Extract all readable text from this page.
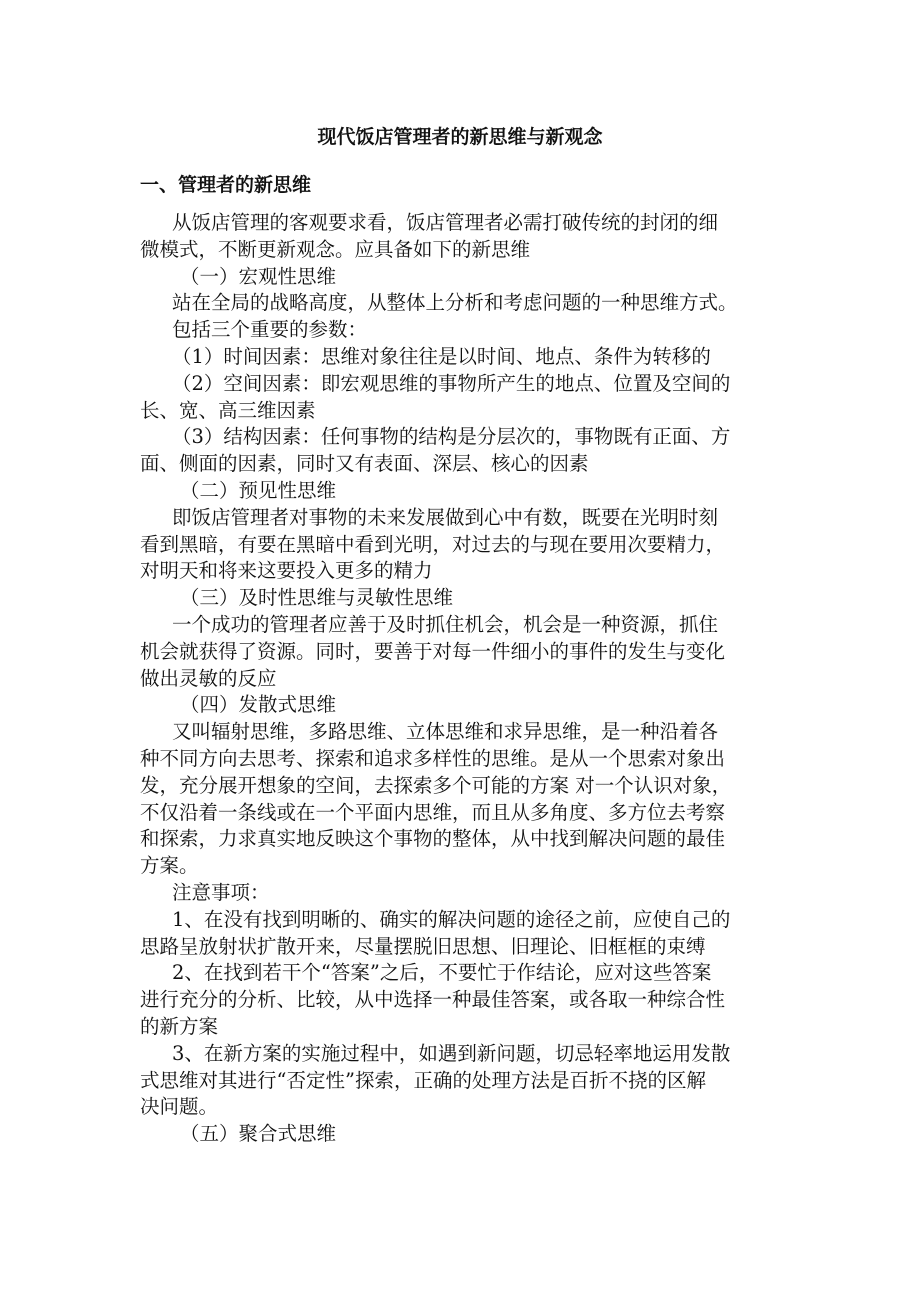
现代饭店管理者的新思维与新观念
一、管理者的新思维
从饭店管理的客观要求看，饭店管理者必需打破传统的封闭的细
微模式，不断更新观念。应具备如下的新思维
（一）宏观性思维
站在全局的战略高度，从整体上分析和考虑问题的一种思维方式。
包括三个重要的参数：
（1）时间因素：思维对象往往是以时间、地点、条件为转移的
（2）空间因素：即宏观思维的事物所产生的地点、位置及空间的
长、宽、高三维因素
（3）结构因素：任何事物的结构是分层次的，事物既有正面、方
面、侧面的因素，同时又有表面、深层、核心的因素
（二）预见性思维
即饭店管理者对事物的未来发展做到心中有数，既要在光明时刻
看到黑暗，有要在黑暗中看到光明，对过去的与现在要用次要精力，
对明天和将来这要投入更多的精力
（三）及时性思维与灵敏性思维
一个成功的管理者应善于及时抓住机会，机会是一种资源，抓住
机会就获得了资源。同时，要善于对每一件细小的事件的发生与变化
做出灵敏的反应
（四）发散式思维
又叫辐射思维，多路思维、立体思维和求异思维，是一种沿着各
种不同方向去思考、探索和追求多样性的思维。是从一个思索对象出
发，充分展开想象的空间，去探索多个可能的方案 对一个认识对象，
不仅沿着一条线或在一个平面内思维，而且从多角度、多方位去考察
和探索，力求真实地反映这个事物的整体，从中找到解决问题的最佳
方案。
注意事项：
1、在没有找到明晰的、确实的解决问题的途径之前，应使自己的
思路呈放射状扩散开来，尽量摆脱旧思想、旧理论、旧框框的束缚
2、在找到若干个“答案”之后，不要忙于作结论，应对这些答案
进行充分的分析、比较，从中选择一种最佳答案，或各取一种综合性
的新方案
3、在新方案的实施过程中，如遇到新问题，切忌轻率地运用发散
式思维对其进行“否定性”探索，正确的处理方法是百折不挠的区解
决问题。
（五）聚合式思维
